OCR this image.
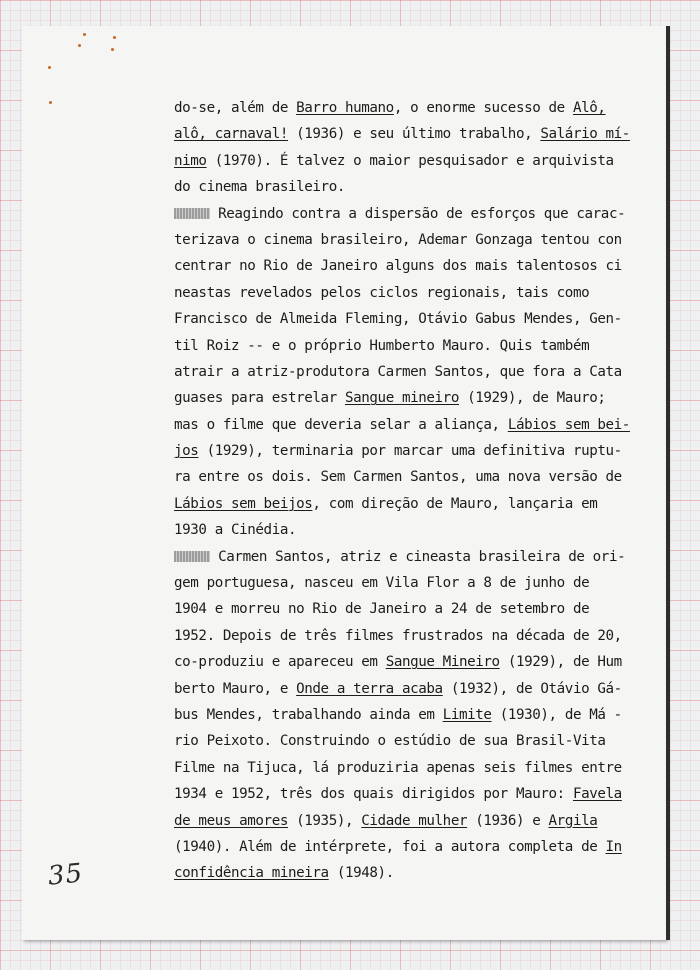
do-se, além de Barro humano, o enorme sucesso de Alô,
alô, carnaval! (1936) e seu último trabalho, Salário mí-
nimo (1970). É talvez o maior pesquisador e arquivista
do cinema brasileiro.
Reagindo contra a dispersão de esforços que carac-
terizava o cinema brasileiro, Ademar Gonzaga tentou con
centrar no Rio de Janeiro alguns dos mais talentosos ci
neastas revelados pelos ciclos regionais, tais como
Francisco de Almeida Fleming, Otávio Gabus Mendes, Gen-
til Roiz -- e o próprio Humberto Mauro. Quis também
atrair a atriz-produtora Carmen Santos, que fora a Cata
guases para estrelar Sangue mineiro (1929), de Mauro;
mas o filme que deveria selar a aliança, Lábios sem bei-
jos (1929), terminaria por marcar uma definitiva ruptu-
ra entre os dois. Sem Carmen Santos, uma nova versão de
Lábios sem beijos, com direção de Mauro, lançaria em
1930 a Cinédia.
Carmen Santos, atriz e cineasta brasileira de ori-
gem portuguesa, nasceu em Vila Flor a 8 de junho de
1904 e morreu no Rio de Janeiro a 24 de setembro de
1952. Depois de três filmes frustrados na década de 20,
co-produziu e apareceu em Sangue Mineiro (1929), de Hum
berto Mauro, e Onde a terra acaba (1932), de Otávio Gá-
bus Mendes, trabalhando ainda em Limite (1930), de Má -
rio Peixoto. Construindo o estúdio de sua Brasil-Vita
Filme na Tijuca, lá produziria apenas seis filmes entre
1934 e 1952, três dos quais dirigidos por Mauro: Favela
de meus amores (1935), Cidade mulher (1936) e Argila
(1940). Além de intérprete, foi a autora completa de In
confidência mineira (1948).
35
